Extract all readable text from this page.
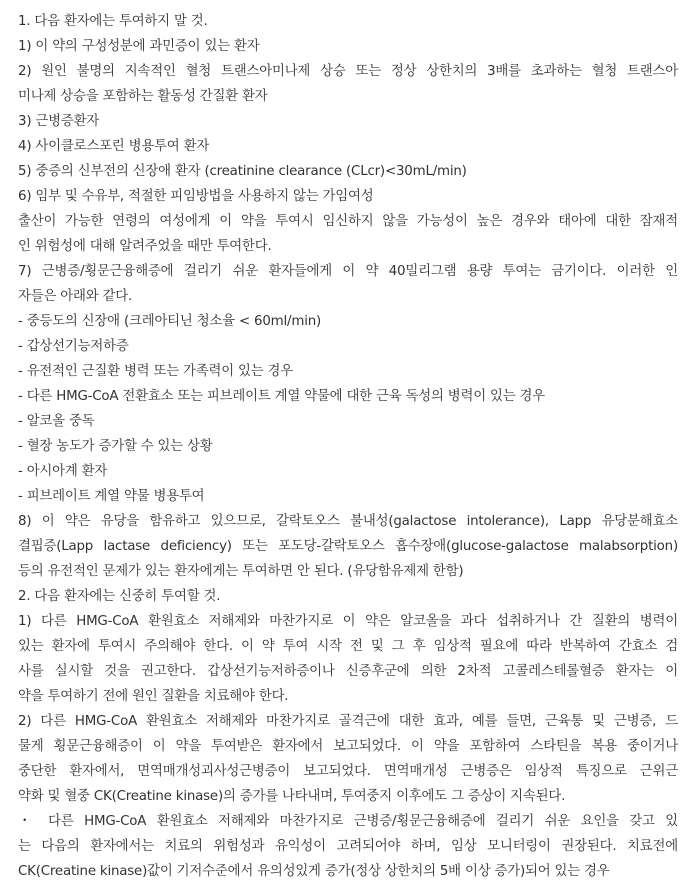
1. 다음 환자에는 투여하지 말 것.
1) 이 약의 구성성분에 과민증이 있는 환자
2) 원인 불명의 지속적인 혈청 트랜스아미나제 상승 또는 정상 상한치의 3배를 초과하는 혈청 트랜스아
미나제 상승을 포함하는 활동성 간질환 환자
3) 근병증환자
4) 사이클로스포린 병용투여 환자
5) 중증의 신부전의 신장애 환자 (creatinine clearance (CLcr)<30mL/min)
6) 임부 및 수유부, 적절한 피임방법을 사용하지 않는 가임여성
출산이 가능한 연령의 여성에게 이 약을 투여시 임신하지 않을 가능성이 높은 경우와 태아에 대한 잠재적
인 위험성에 대해 알려주었을 때만 투여한다.
7) 근병증/횡문근융해증에 걸리기 쉬운 환자들에게 이 약 40밀리그램 용량 투여는 금기이다. 이러한 인
자들은 아래와 같다.
- 중등도의 신장애 (크레아티닌 청소율 < 60ml/min)
- 갑상선기능저하증
- 유전적인 근질환 병력 또는 가족력이 있는 경우
- 다른 HMG-CoA 전환효소 또는 피브레이트 계열 약물에 대한 근육 독성의 병력이 있는 경우
- 알코올 중독
- 혈장 농도가 증가할 수 있는 상황
- 아시아계 환자
- 피브레이트 계열 약물 병용투여
8) 이 약은 유당을 함유하고 있으므로, 갈락토오스 불내성(galactose intolerance), Lapp 유당분해효소
결핍증(Lapp lactase deficiency) 또는 포도당-갈락토오스 흡수장애(glucose-galactose malabsorption)
등의 유전적인 문제가 있는 환자에게는 투여하면 안 된다. (유당함유제제 한함)
2. 다음 환자에는 신중히 투여할 것.
1) 다른 HMG-CoA 환원효소 저해제와 마찬가지로 이 약은 알코올을 과다 섭취하거나 간 질환의 병력이
있는 환자에 투여시 주의해야 한다. 이 약 투여 시작 전 및 그 후 임상적 필요에 따라 반복하여 간효소 검
사를 실시할 것을 권고한다. 갑상선기능저하증이나 신증후군에 의한 2차적 고콜레스테롤혈증 환자는 이
약을 투여하기 전에 원인 질환을 치료해야 한다.
2) 다른 HMG-CoA 환원효소 저해제와 마찬가지로 골격근에 대한 효과, 예를 들면, 근육통 및 근병증, 드
물게 횡문근융해증이 이 약을 투여받은 환자에서 보고되었다. 이 약을 포함하여 스타틴을 복용 중이거나
중단한 환자에서, 면역매개성괴사성근병증이 보고되었다. 면역매개성 근병증은 임상적 특징으로 근위근
약화 및 혈중 CK(Creatine kinase)의 증가를 나타내며, 투여중지 이후에도 그 증상이 지속된다.
・ 다른 HMG-CoA 환원효소 저해제와 마찬가지로 근병증/횡문근융해증에 걸리기 쉬운 요인을 갖고 있
는 다음의 환자에서는 치료의 위험성과 유익성이 고려되어야 하며, 임상 모니터링이 권장된다. 치료전에
CK(Creatine kinase)값이 기저수준에서 유의성있게 증가(정상 상한치의 5배 이상 증가)되어 있는 경우
